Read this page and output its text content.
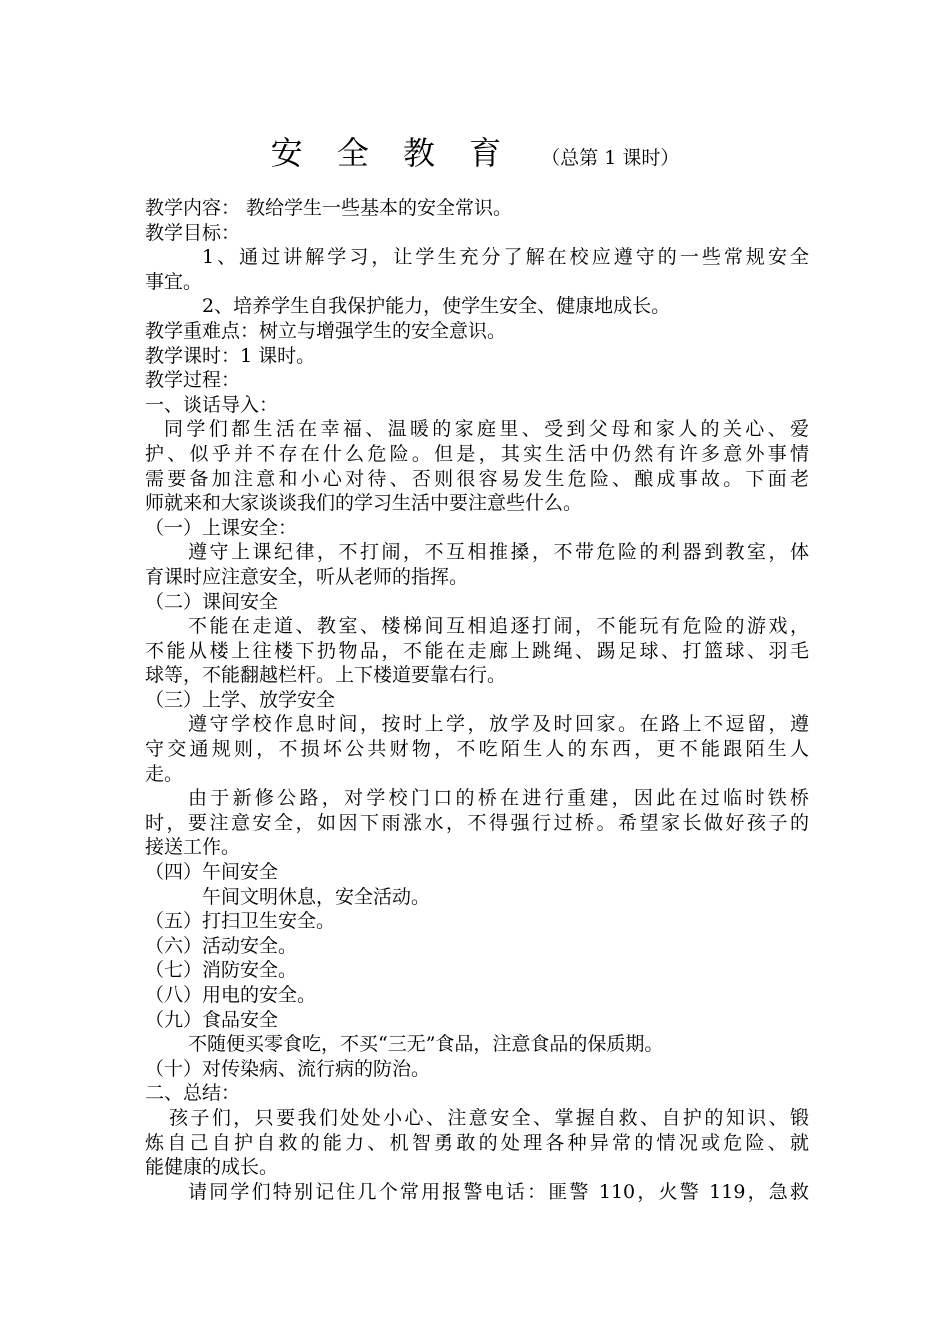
安 全 教 育 （总第 1 课时）
教学内容： 教给学生一些基本的安全常识。
教学目标：
1、通过讲解学习，让学生充分了解在校应遵守的一些常规安全
事宜。
2、培养学生自我保护能力，使学生安全、健康地成长。
教学重难点：树立与增强学生的安全意识。
教学课时：1 课时。
教学过程：
一、谈话导入：
同学们都生活在幸福、温暖的家庭里、受到父母和家人的关心、爱
护、似乎并不存在什么危险。但是，其实生活中仍然有许多意外事情
需要备加注意和小心对待、否则很容易发生危险、酿成事故。下面老
师就来和大家谈谈我们的学习生活中要注意些什么。
（一）上课安全：
遵守上课纪律，不打闹，不互相推搡，不带危险的利器到教室，体
育课时应注意安全，听从老师的指挥。
（二）课间安全
不能在走道、教室、楼梯间互相追逐打闹，不能玩有危险的游戏，
不能从楼上往楼下扔物品，不能在走廊上跳绳、踢足球、打篮球、羽毛
球等，不能翻越栏杆。上下楼道要靠右行。
（三）上学、放学安全
遵守学校作息时间，按时上学，放学及时回家。在路上不逗留，遵
守交通规则，不损坏公共财物，不吃陌生人的东西，更不能跟陌生人
走。
由于新修公路，对学校门口的桥在进行重建，因此在过临时铁桥
时，要注意安全，如因下雨涨水，不得强行过桥。希望家长做好孩子的
接送工作。
（四）午间安全
午间文明休息，安全活动。
（五）打扫卫生安全。
（六）活动安全。
（七）消防安全。
（八）用电的安全。
（九）食品安全
不随便买零食吃，不买“三无”食品，注意食品的保质期。
（十）对传染病、流行病的防治。
二、总结：
孩子们，只要我们处处小心、注意安全、掌握自救、自护的知识、锻
炼自己自护自救的能力、机智勇敢的处理各种异常的情况或危险、就
能健康的成长。
请同学们特别记住几个常用报警电话：匪警 110，火警 119，急救
